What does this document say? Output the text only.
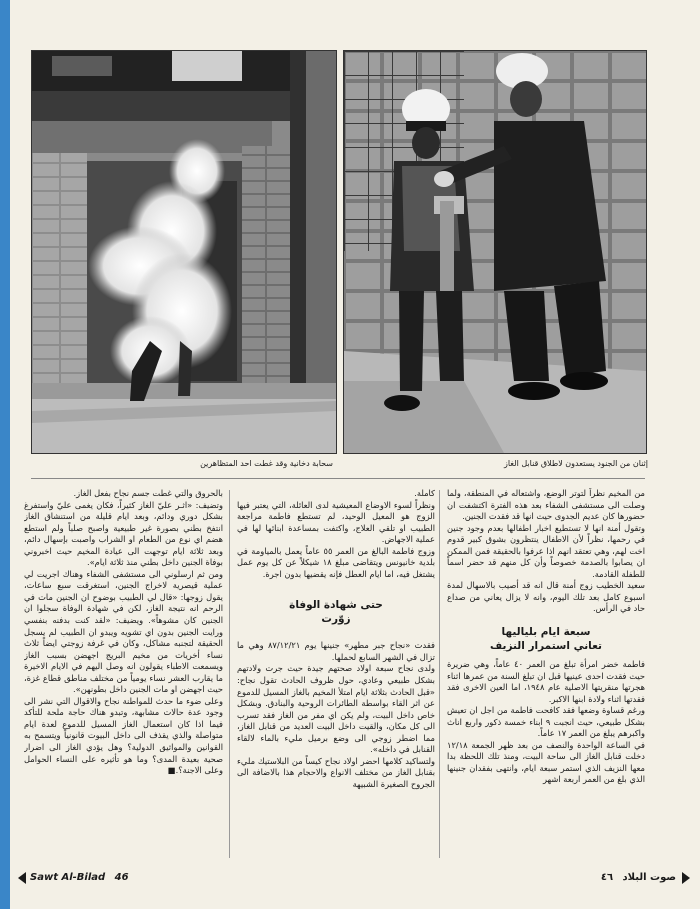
سحابة دخانية وقد غطت احد المتظاهرين	إثنان من الجنود يستعدون لاطلاق قنابل الغاز

من المخيم نظراً لتوتر الوضع، واشتعاله في المنطقة، ولما وصلت الى مستشفى الشفاء بعد هذه الفترة اكتشفت ان حضورها كان عديم الجدوى حيث انها قد فقدت الجنين.

وتقول أمنة انها لا تستطيع اخبار اطفالها بعدم وجود جنين في رحمها، نظراً لأن الاطفال ينتظرون بشوق كبير قدوم اخت لهم، وهي تعتقد انهم اذا عرفوا بالحقيقة فمن الممكن ان يصابوا بالصدمة خصوصاً وأن كل منهم قد حضر اسماً للطفلة القادمة.

سعيد الخطيب زوج أمنة قال انه قد أصيب بالاسهال لمدة اسبوع كامل بعد تلك اليوم، وانه لا يزال يعاني من صداع حاد في الرأس.

سبعة ايام بلياليها
تعاني استمرار النزيف

فاطمة خضر امرأة تبلغ من العمر ٤٠ عاماً، وهي ضريرة حيث فقدت احدى عينيها قبل ان تبلغ السنة من عمرها اثناء هجرتها منقريتها الاصلية عام ١٩٤٨، اما العين الاخرى فقد فقدتها اثناء ولادة ابنها الاكبر.

ورغم قساوة وضعها فقد كافحت فاطمة من اجل ان تعيش بشكل طبيعي، حيث انجبت ٩ ابناء خمسة ذكور واربع اناث واكبرهم يبلغ من العمر ١٧ عاماً.

في الساعة الواحدة والنصف من بعد ظهر الجمعة ١٢/١٨ دخلت قنابل الغاز الى ساحة البيت، ومنذ تلك اللحظة بدا معها النزيف الذي استمر سبعة ايام، وانتهى بفقدان جنينها الذي بلغ من العمر اربعة اشهر

كاملة.

ونظراً لسوء الاوضاع المعيشية لدى العائلة، التي يعتبر فيها الزوج هو المعيل الوحيد، لم تستطع فاطمة مراجعة الطبيب او تلقي العلاج، واكتفت بمساعدة ابنائها لها في عملية الاجهاض.

وزوج فاطمة البالغ من العمر ٥٥ عاماً يعمل بالمياومة في بلدية خانيونس ويتقاضى مبلغ ١٨ شيكلاً عن كل يوم عمل يشتغل فيه، اما ايام العطل فإنه يقضيها بدون اجرة.

حتى شهادة الوفاة
زوّرت

فقدت «نجاح جبر مطهر» جنينها يوم ٨٧/١٢/٢١ وهي ما تزال في الشهر السابع لحملها.

ولدى نجاح سبعة اولاد صحتهم جيدة حيث جرت ولادتهم بشكل طبيعي وعادي، حول ظروف الحادث تقول نجاح: «قبل الحادث بثلاثة ايام امتلأ المخيم بالغاز المسيل للدموع عن اثر القاء بواسطة الطائرات الروحية والبنادق. وبشكل خاص داخل البيت، ولم يكن اي مفر من الغاز فقد تسرب الى كل مكان، والقيت داخل البيت العديد من قنابل الغاز، مما اضطر زوجي الى وضع برميل مليء بالماء لالقاء القنابل في داخله».

ولتساكيد كلامها احضر اولاد نجاح كيساً من البلاستيك مليء بقنابل الغاز من مختلف الانواع والاحجام هذا بالاضافة الى الجروح الصغيرة الشبيهة

بالحروق والتي غطت جسم نجاح بفعل الغاز.

وتضيف: «اثـر عليّ الغاز كثيراً، فكان يغمى عليّ واستفرغ بشكل دوري ودائم، وبعد ايام قليلة من استنشاق الغاز انتفخ بطني بصورة غير طبيعية واصبح صلباً ولم استطع هضم اي نوع من الطعام او الشراب واصبت بإسهال دائم، وبعد ثلاثة ايام توجهت الى عيادة المخيم حيث اخبروني بوفاة الجنين داخل بطني منذ ثلاثة ايام».

ومن ثم ارسلوني الى مستشفى الشفاء وهناك اجريت لي عملية قيصرية لاخراج الجنين، استغرقت سبع ساعات، يقول زوجها: «قال لي الطبيب بوضوح ان الجنين مات في الرحم انه نتيجة الغاز، لكن في شهادة الوفاة سجلوا ان الجنين كان مشوهاً». ويضيف: «لقد كنت بدفنه بنفسي ورايت الجنين بدون اي تشويه ويبدو ان الطبيب لم يسجل الحقيقة لتجنبه مشاكل، وكان في غرفة زوجتي ايضاً ثلاث نساء أخريات من مخيم البريج اجهضن بسبب الغاز ويسمعت الاطباء يقولون انه وصل اليهم في الايام الاخيرة ما يقارب العشر نساء يومياً من مختلف مناطق قطاع غزة، حيث اجهضن او مات الجنين داخل بطونهن».

وعلى ضوء ما حدث للمواطنة نجاح والاقوال التي نشر الى وجود عدة حالات مشابهة، وتبدو هناك حاجة ملحة للتأكد فيما اذا كان استعمال الغاز المسيل للدموع لعدة ايام متواصلة والذي يقذف الى داخل البيوت قانونياً ويتسمح به القوانين والمواثيق الدولية؟ وهل يؤدي الغاز الى اضرار صحية بعيدة المدى؟ وما هو تأثيره على النساء الحوامل وعلى الاجنة؟.■

Sawt Al-Bilad 46	صوت البلاد ٤٦
